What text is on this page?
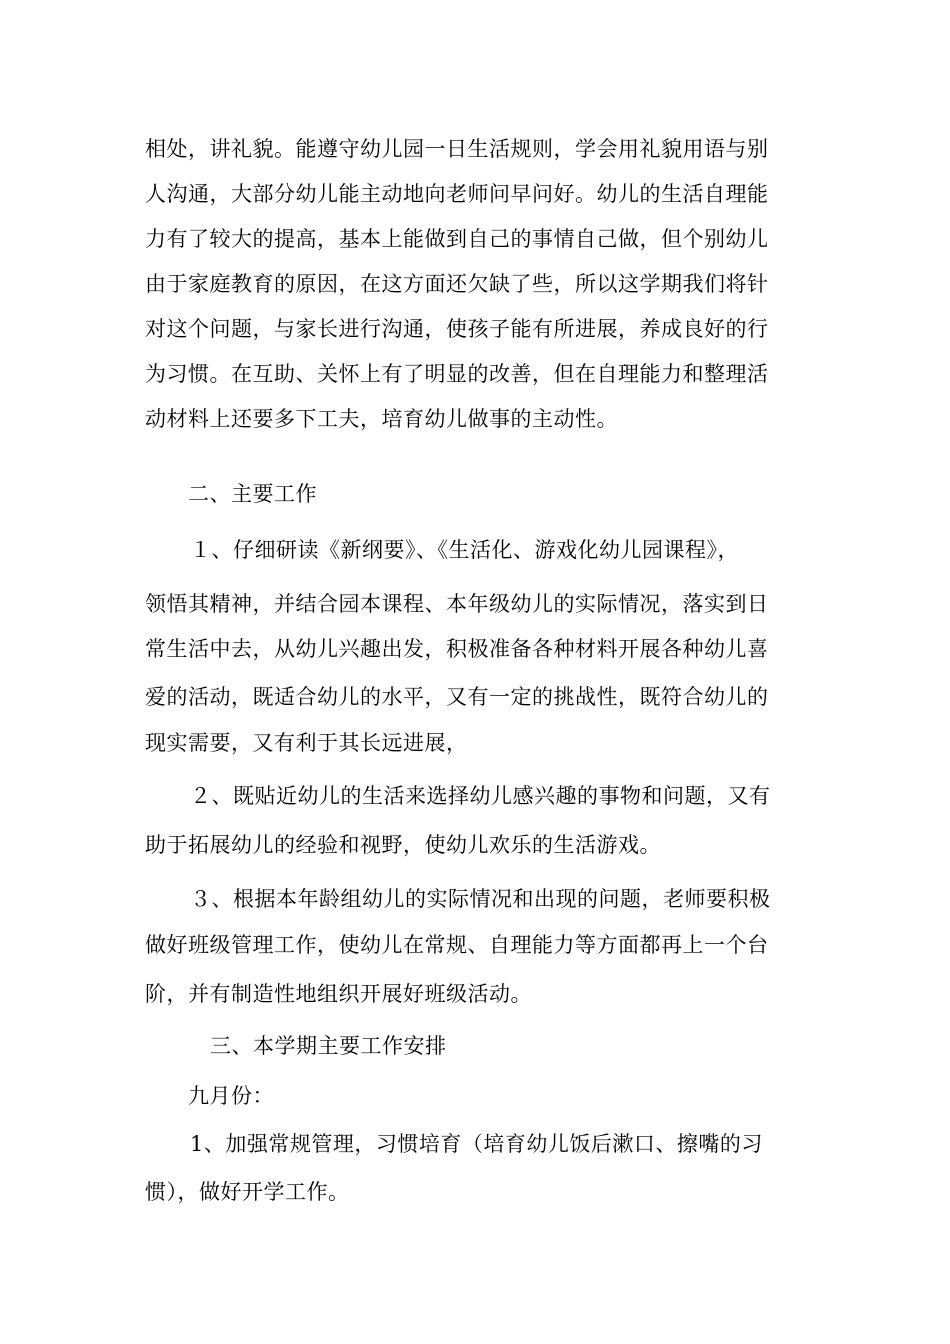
相处，讲礼貌。能遵守幼儿园一日生活规则，学会用礼貌用语与别
人沟通，大部分幼儿能主动地向老师问早问好。幼儿的生活自理能
力有了较大的提高，基本上能做到自己的事情自己做，但个别幼儿
由于家庭教育的原因，在这方面还欠缺了些，所以这学期我们将针
对这个问题，与家长进行沟通，使孩子能有所进展，养成良好的行
为习惯。在互助、关怀上有了明显的改善，但在自理能力和整理活
动材料上还要多下工夫，培育幼儿做事的主动性。
二、主要工作
１、仔细研读《新纲要》、《生活化、游戏化幼儿园课程》，
领悟其精神，并结合园本课程、本年级幼儿的实际情况，落实到日
常生活中去，从幼儿兴趣出发，积极准备各种材料开展各种幼儿喜
爱的活动，既适合幼儿的水平，又有一定的挑战性，既符合幼儿的
现实需要，又有利于其长远进展，
２、既贴近幼儿的生活来选择幼儿感兴趣的事物和问题，又有
助于拓展幼儿的经验和视野，使幼儿欢乐的生活游戏。
３、根据本年龄组幼儿的实际情况和出现的问题，老师要积极
做好班级管理工作，使幼儿在常规、自理能力等方面都再上一个台
阶，并有制造性地组织开展好班级活动。
三、本学期主要工作安排
九月份：
1、加强常规管理，习惯培育（培育幼儿饭后漱口、擦嘴的习
惯），做好开学工作。
